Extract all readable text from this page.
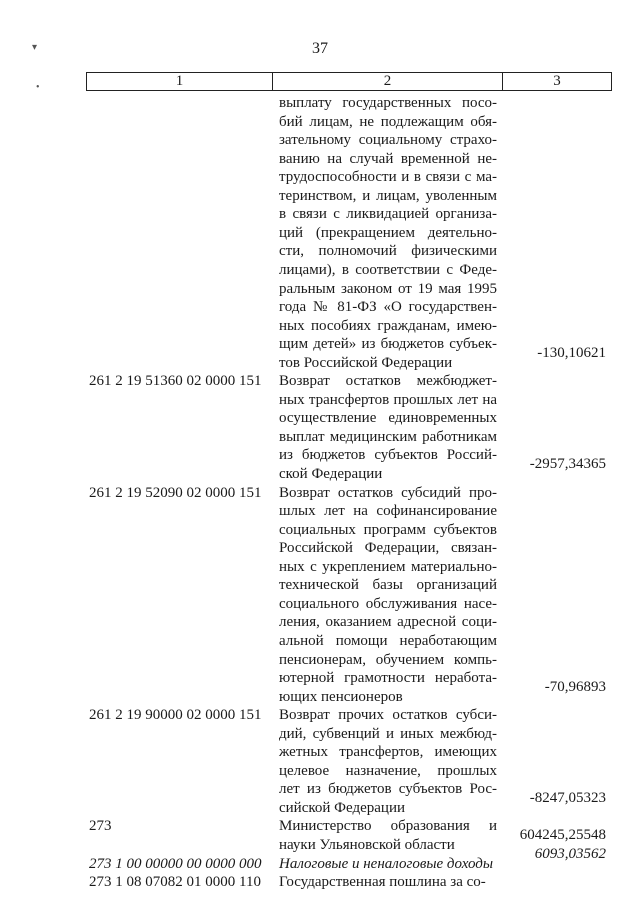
▾
•
37
1	2	3
выплату государственных посо-
бий лицам, не подлежащим обя-
зательному социальному страхо-
ванию на случай временной не-
трудоспособности и в связи с ма-
теринством, и лицам, уволенным
в связи с ликвидацией организа-
ций (прекращением деятельно-
сти, полномочий физическими
лицами), в соответствии с Феде-
ральным законом от 19 мая 1995
года № 81-ФЗ «О государствен-
ных пособиях гражданам, имею-
щим детей» из бюджетов субъек-
тов Российской Федерации
-130,10621
261 2 19 51360 02 0000 151 Возврат остатков межбюджет-
ных трансфертов прошлых лет на
осуществление единовременных
выплат медицинским работникам
из бюджетов субъектов Россий-
ской Федерации
-2957,34365
261 2 19 52090 02 0000 151 Возврат остатков субсидий про-
шлых лет на софинансирование
социальных программ субъектов
Российской Федерации, связан-
ных с укреплением материально-
технической базы организаций
социального обслуживания насе-
ления, оказанием адресной соци-
альной помощи неработающим
пенсионерам, обучением компь-
ютерной грамотности неработа-
ющих пенсионеров
-70,96893
261 2 19 90000 02 0000 151 Возврат прочих остатков субси-
дий, субвенций и иных межбюд-
жетных трансфертов, имеющих
целевое назначение, прошлых
лет из бюджетов субъектов Рос-
сийской Федерации
-8247,05323
273	Министерство образования и
науки Ульяновской области
604245,25548
273 1 00 00000 00 0000 000 Налоговые и неналоговые доходы
6093,03562
273 1 08 07082 01 0000 110 Государственная пошлина за со-
